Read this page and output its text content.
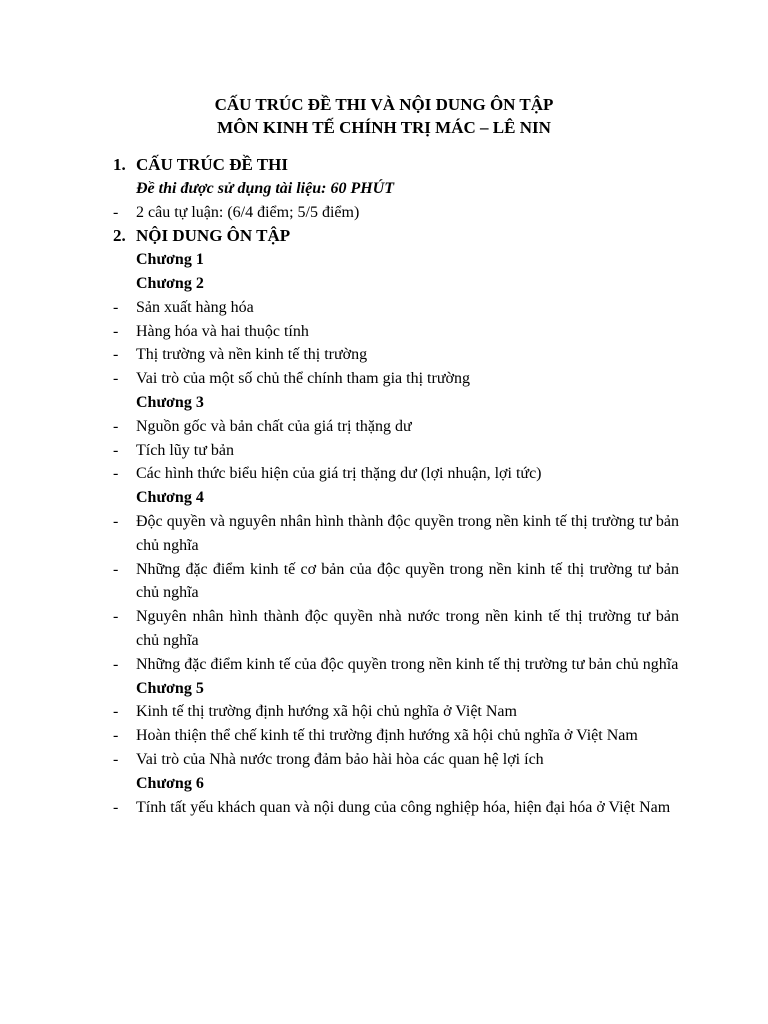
CẤU TRÚC ĐỀ THI VÀ NỘI DUNG ÔN TẬP
MÔN KINH TẾ CHÍNH TRỊ MÁC – LÊ NIN
1. CẤU TRÚC ĐỀ THI
Đề thi được sử dụng tài liệu: 60 PHÚT
-	2 câu tự luận: (6/4 điểm; 5/5 điểm)
2. NỘI DUNG ÔN TẬP
Chương 1
Chương 2
-	Sản xuất hàng hóa
-	Hàng hóa và hai thuộc tính
-	Thị trường và nền kinh tế thị trường
-	Vai trò của một số chủ thể chính tham gia thị trường
Chương 3
-	Nguồn gốc và bản chất của giá trị thặng dư
-	Tích lũy tư bản
-	Các hình thức biểu hiện của giá trị thặng dư (lợi nhuận, lợi tức)
Chương 4
-	Độc quyền và nguyên nhân hình thành độc quyền trong nền kinh tế thị trường tư bản chủ nghĩa
-	Những đặc điểm kinh tế cơ bản của độc quyền trong nền kinh tế thị trường tư bản chủ nghĩa
-	Nguyên nhân hình thành độc quyền nhà nước trong nền kinh tế thị trường tư bản chủ nghĩa
-	Những đặc điểm kinh tế của độc quyền trong nền kinh tế thị trường tư bản chủ nghĩa
Chương 5
-	Kinh tế thị trường định hướng xã hội chủ nghĩa ở Việt Nam
-	Hoàn thiện thể chế kinh tế thi trường định hướng xã hội chủ nghĩa ở Việt Nam
-	Vai trò của Nhà nước trong đảm bảo hài hòa các quan hệ lợi ích
Chương 6
-	Tính tất yếu khách quan và nội dung của công nghiệp hóa, hiện đại hóa ở Việt Nam
